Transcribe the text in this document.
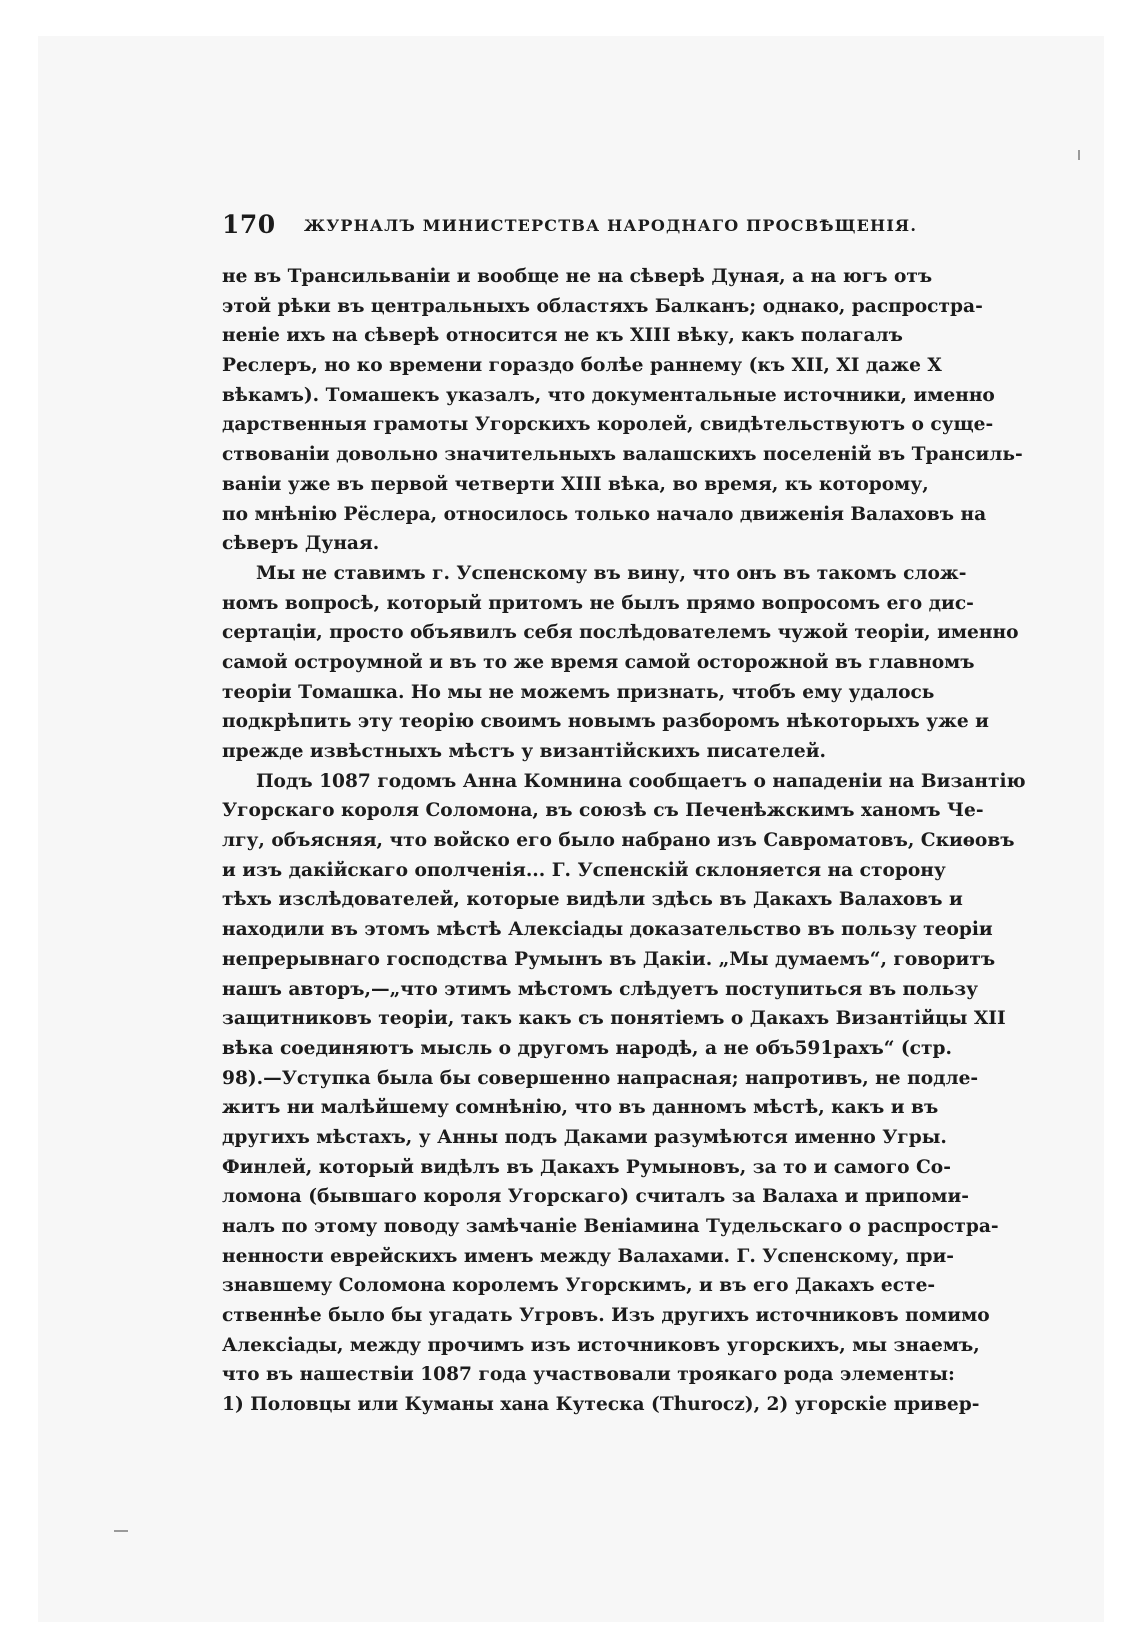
170 ЖУРНАЛЪ МИНИСТЕРСТВА НАРОДНАГО ПРОСВѢЩЕНІЯ.
не въ Трансильваніи и вообще не на сѣверѣ Дуная, а на югъ отъ
этой рѣки въ центральныхъ областяхъ Балканъ; однако, распростра-
неніе ихъ на сѣверѣ относится не къ XIII вѣку, какъ полагалъ
Реслеръ, но ко времени гораздо болѣе раннему (къ XII, XI даже X
вѣкамъ). Томашекъ указалъ, что документальные источники, именно
дарственныя грамоты Угорскихъ королей, свидѣтельствуютъ о суще-
ствованіи довольно значительныхъ валашскихъ поселеній въ Трансиль-
ваніи уже въ первой четверти XIII вѣка, во время, къ которому,
по мнѣнію Рёслера, относилось только начало движенія Валаховъ на
сѣверъ Дуная.
Мы не ставимъ г. Успенскому въ вину, что онъ въ такомъ слож-
номъ вопросѣ, который притомъ не былъ прямо вопросомъ его дис-
сертаціи, просто объявилъ себя послѣдователемъ чужой теоріи, именно
самой остроумной и въ то же время самой осторожной въ главномъ
теоріи Томашка. Но мы не можемъ признать, чтобъ ему удалось
подкрѣпить эту теорію своимъ новымъ разборомъ нѣкоторыхъ уже и
прежде извѣстныхъ мѣстъ у византійскихъ писателей.
Подъ 1087 годомъ Анна Комнина сообщаетъ о нападеніи на Византію
Угорскаго короля Соломона, въ союзѣ съ Печенѣжскимъ ханомъ Че-
лгу, объясняя, что войско его было набрано изъ Савроматовъ, Скиѳовъ
и изъ дакійскаго ополченія... Г. Успенскій склоняется на сторону
тѣхъ изслѣдователей, которые видѣли здѣсь въ Дакахъ Валаховъ и
находили въ этомъ мѣстѣ Алексіады доказательство въ пользу теоріи
непрерывнаго господства Румынъ въ Дакіи. „Мы думаемъ“, говоритъ
нашъ авторъ,—„что этимъ мѣстомъ слѣдуетъ поступиться въ пользу
защитниковъ теоріи, такъ какъ съ понятіемъ о Дакахъ Византійцы XII
вѣка соединяютъ мысль о другомъ народѣ, а не объ591рахъ“ (стр.
98).—Уступка была бы совершенно напрасная; напротивъ, не подле-
житъ ни малѣйшему сомнѣнію, что въ данномъ мѣстѣ, какъ и въ
другихъ мѣстахъ, у Анны подъ Даками разумѣются именно Угры.
Финлей, который видѣлъ въ Дакахъ Румыновъ, за то и самого Со-
ломона (бывшаго короля Угорскаго) считалъ за Валаха и припоми-
налъ по этому поводу замѣчаніе Веніамина Тудельскаго о распростра-
ненности еврейскихъ именъ между Валахами. Г. Успенскому, при-
знавшему Соломона королемъ Угорскимъ, и въ его Дакахъ есте-
ственнѣе было бы угадать Угровъ. Изъ другихъ источниковъ помимо
Алексіады, между прочимъ изъ источниковъ угорскихъ, мы знаемъ,
что въ нашествіи 1087 года участвовали троякаго рода элементы:
1) Половцы или Куманы хана Кутеска (Thurocz), 2) угорскіе привер-
